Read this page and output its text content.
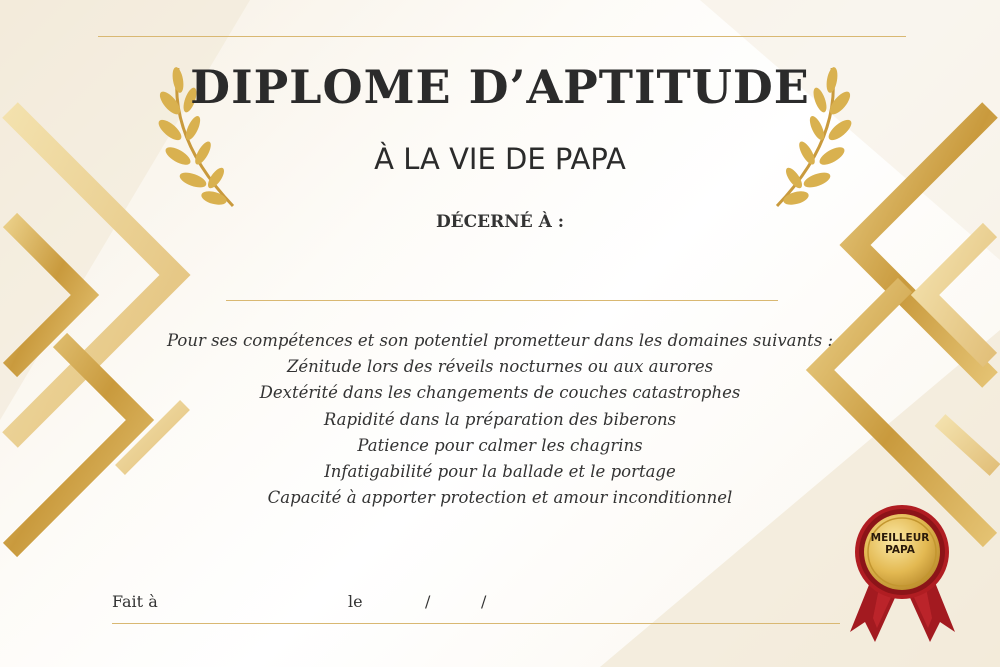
DIPLOME D’APTITUDE
À LA VIE DE PAPA
DÉCERNÉ À :
Pour ses compétences et son potentiel prometteur dans les domaines suivants :
Zénitude lors des réveils nocturnes ou aux aurores
Dextérité dans les changements de couches catastrophes
Rapidité dans la préparation des biberons
Patience pour calmer les chagrins
Infatigabilité pour la ballade et le portage
Capacité à apporter protection et amour inconditionnel
Fait à	le	/	/
MEILLEUR
PAPA
